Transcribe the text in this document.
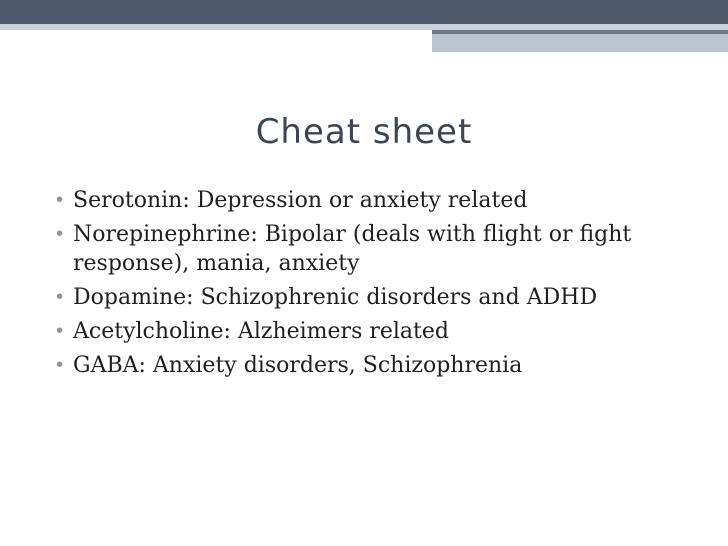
Cheat sheet
• Serotonin: Depression or anxiety related
• Norepinephrine: Bipolar (deals with flight or fight response), mania, anxiety
• Dopamine: Schizophrenic disorders and ADHD
• Acetylcholine: Alzheimers related
• GABA: Anxiety disorders, Schizophrenia
